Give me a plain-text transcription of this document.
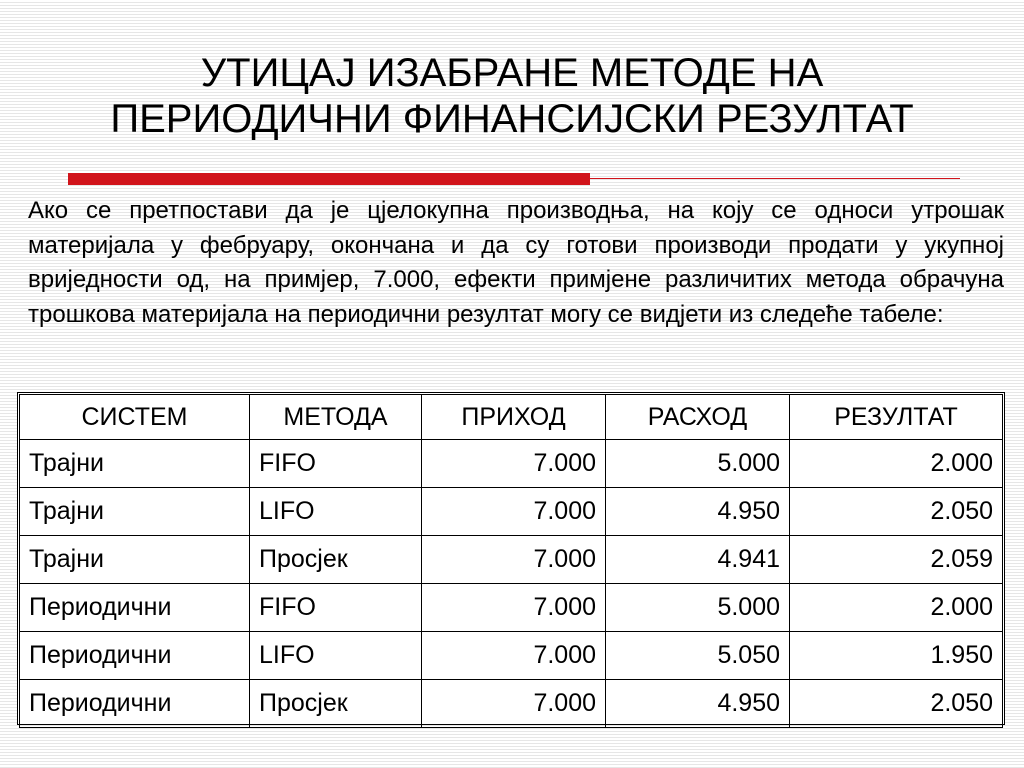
УТИЦАЈ ИЗАБРАНЕ МЕТОДЕ НА
ПЕРИОДИЧНИ ФИНАНСИЈСКИ РЕЗУЛТАТ

Ако се претпостави да је цјелокупна производња, на коју се односи утрошак материјала у фебруару, окончана и да су готови производи продати у укупној вриједности од, на примјер, 7.000, ефекти примјене различитих метода обрачуна трошкова материјала на периодични резултат могу се видјети из следеће табеле:

СИСТЕМ	МЕТОДА	ПРИХОД	РАСХОД	РЕЗУЛТАТ
Трајни	FIFO	7.000	5.000	2.000
Трајни	LIFO	7.000	4.950	2.050
Трајни	Просјек	7.000	4.941	2.059
Периодични	FIFO	7.000	5.000	2.000
Периодични	LIFO	7.000	5.050	1.950
Периодични	Просјек	7.000	4.950	2.050
